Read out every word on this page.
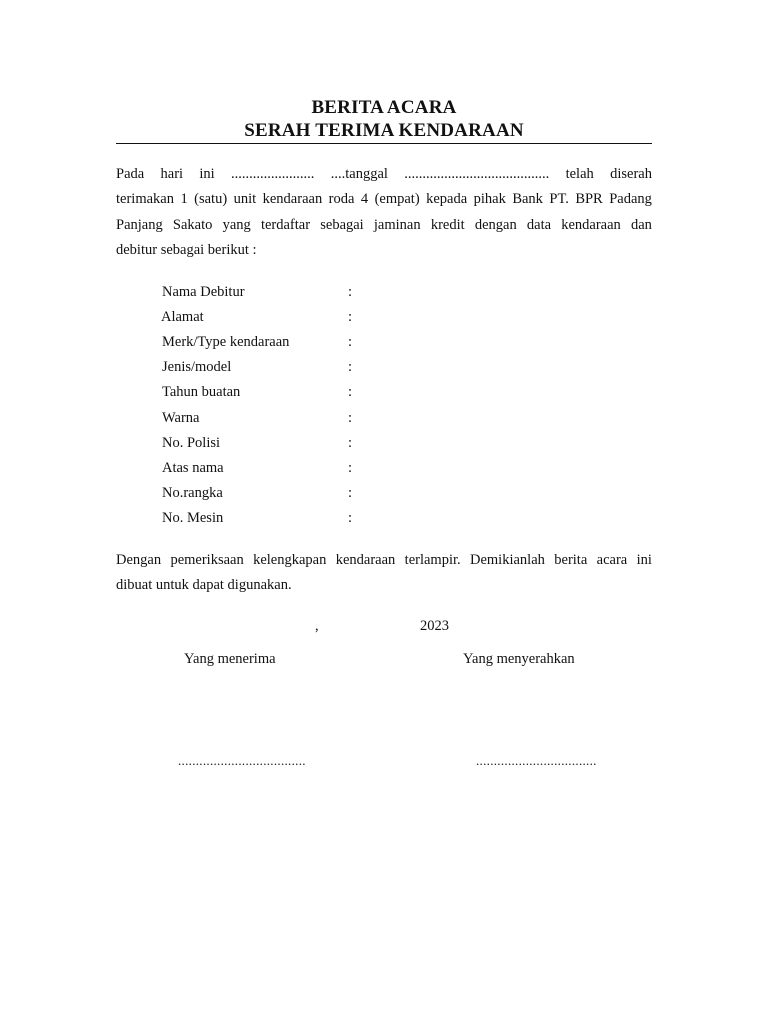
BERITA ACARA
SERAH TERIMA KENDARAAN
Pada hari ini ....................... ....tanggal ........................................ telah diserah
terimakan 1 (satu) unit kendaraan roda 4 (empat) kepada pihak Bank PT. BPR Padang
Panjang Sakato yang terdaftar sebagai jaminan kredit dengan data kendaraan dan
debitur sebagai berikut :
Nama Debitur	:
Alamat	:
Merk/Type kendaraan	:
Jenis/model	:
Tahun buatan	:
Warna	:
No. Polisi	:
Atas nama	:
No.rangka	:
No. Mesin	:
Dengan pemeriksaan kelengkapan kendaraan terlampir. Demikianlah berita acara ini
dibuat untuk dapat digunakan.
,	2023
Yang menerima	Yang menyerahkan
....................................	..................................
